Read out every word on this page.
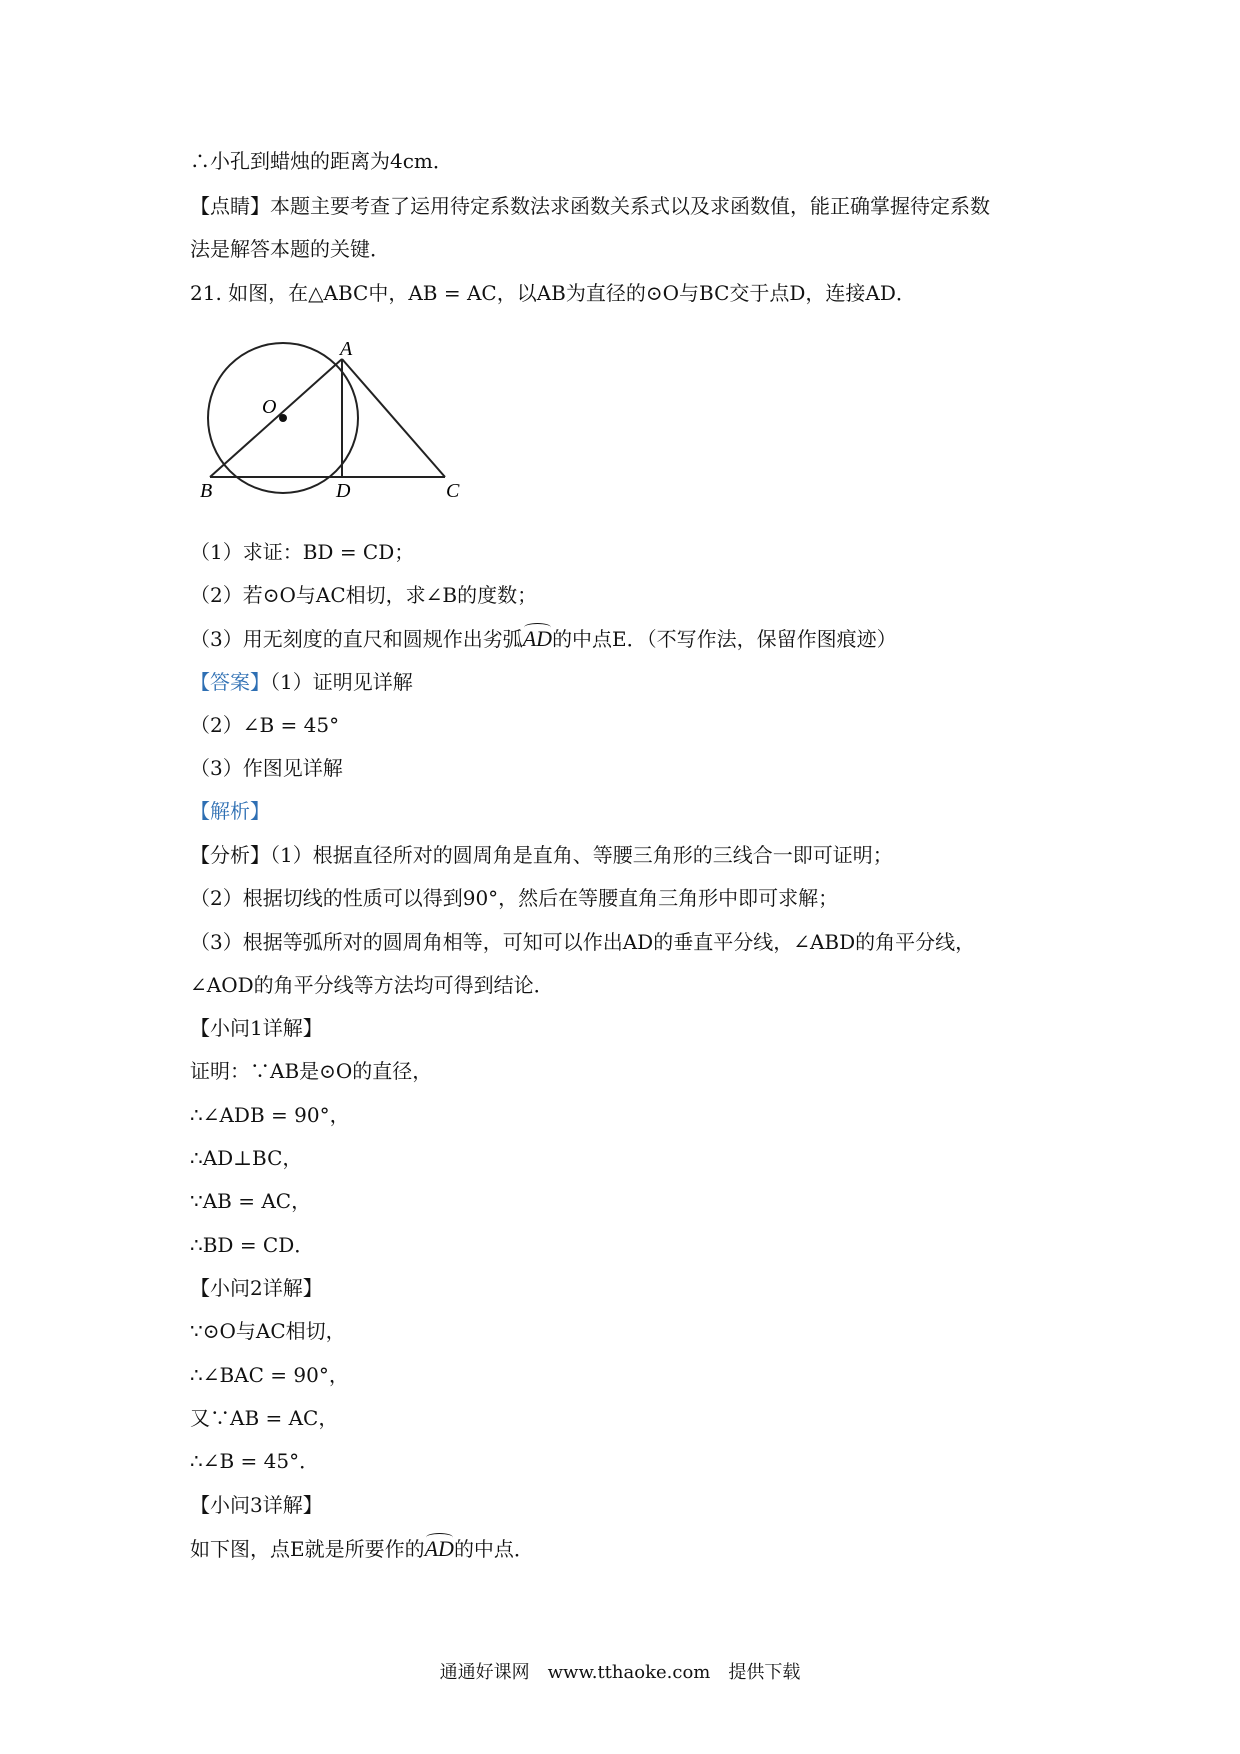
∴小孔到蜡烛的距离为4cm．
【点睛】本题主要考查了运用待定系数法求函数关系式以及求函数值，能正确掌握待定系数
法是解答本题的关键．
21. 如图，在△ABC中，AB = AC，以AB为直径的⊙O与BC交于点D，连接AD．
A
O
B	D	C
（1）求证：BD = CD；
（2）若⊙O与AC相切，求∠B的度数；
（3）用无刻度的直尺和圆规作出劣弧AD的中点E．（不写作法，保留作图痕迹）
【答案】（1）证明见详解
（2）∠B = 45°
（3）作图见详解
【解析】
【分析】（1）根据直径所对的圆周角是直角、等腰三角形的三线合一即可证明；
（2）根据切线的性质可以得到90°，然后在等腰直角三角形中即可求解；
（3）根据等弧所对的圆周角相等，可知可以作出AD的垂直平分线，∠ABD的角平分线，
∠AOD的角平分线等方法均可得到结论．
【小问1详解】
证明：∵AB是⊙O的直径，
∴∠ADB = 90°，
∴AD⊥BC，
∵AB = AC，
∴BD = CD．
【小问2详解】
∵⊙O与AC相切，
∴∠BAC = 90°，
又∵AB = AC，
∴∠B = 45°．
【小问3详解】
如下图，点E就是所要作的AD的中点．
通通好课网　www.tthaoke.com　提供下载
